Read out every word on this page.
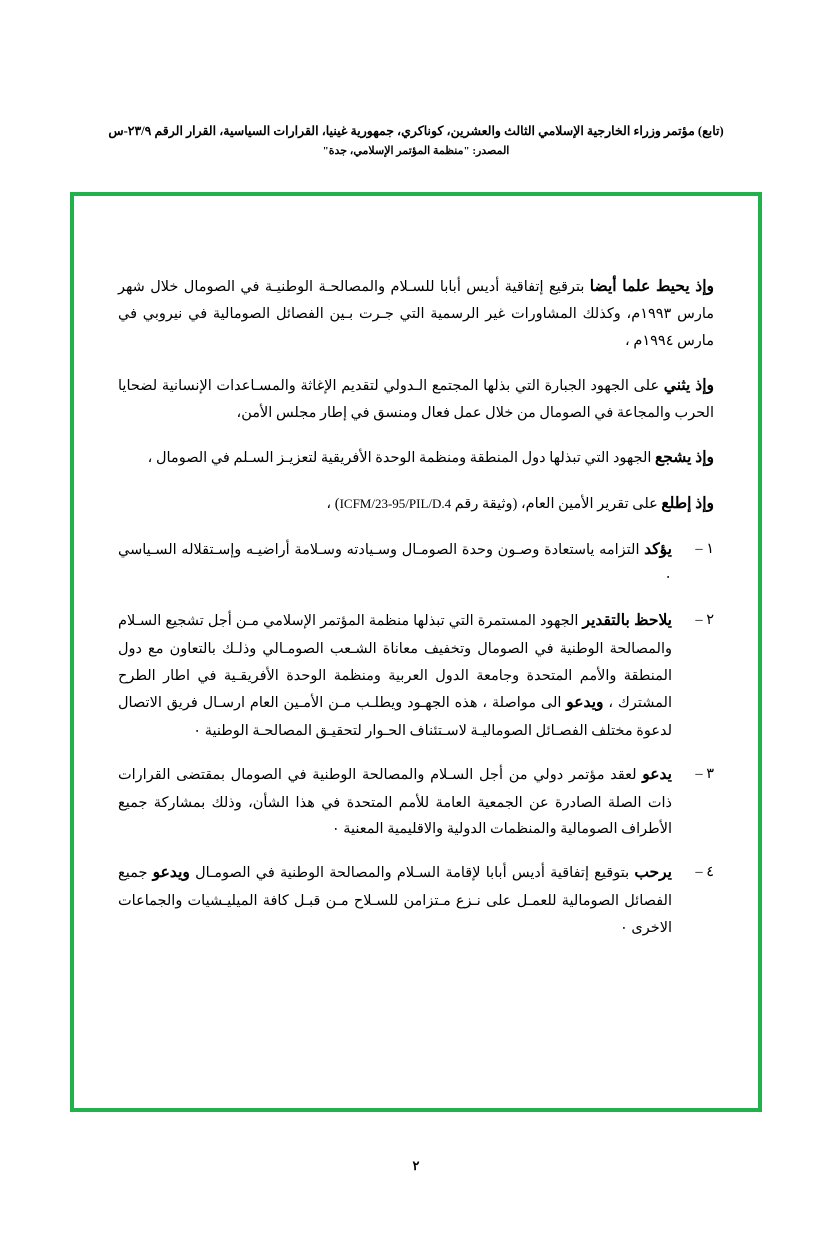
(تابع) مؤتمر وزراء الخارجية الإسلامي الثالث والعشرين، كوناكري، جمهورية غينيا، القرارات السياسية، القرار الرقم ٢٣/٩-س
المصدر: "منظمة المؤتمر الإسلامي، جدة"

وإذ يحيط علما أيضا بترقيع إتفاقية أديس أبابا للسـلام والمصالحـة الوطنيـة في الصومال خلال شهر مارس ١٩٩٣م، وكذلك المشاورات غير الرسمية التي جـرت بـين الفصائل الصومالية في نيروبي في مارس ١٩٩٤م ،

وإذ يثني على الجهود الجبارة التي بذلها المجتمع الـدولي لتقديم الإغاثة والمسـاعدات الإنسانية لضحايا الحرب والمجاعة في الصومال من خلال عمل فعال ومنسق في إطار مجلس الأمن،

وإذ يشجع الجهود التي تبذلها دول المنطقة ومنظمة الوحدة الأفريقية لتعزيـز السـلم في الصومال ،

وإذ إطلع على تقرير الأمين العام، (وثيقة رقم ICFM/23-95/PIL/D.4) ،

١ –
يؤكد التزامه ياستعادة وصـون وحدة الصومـال وسـيادته وسـلامة أراضيـه وإسـتقلاله السـياسي ٠
٢ –
يلاحظ بالتقدير الجهود المستمرة التي تبذلها منظمة المؤتمر الإسلامي مـن أجل تشجيع السـلام والمصالحة الوطنية في الصومال وتخفيف معاناة الشـعب الصومـالي وذلـك بالتعاون مع دول المنطقة والأمم المتحدة وجامعة الدول العربية ومنظمة الوحدة الأفريقـية في اطار الطرح المشترك ، ويدعو الى مواصلة ، هذه الجهـود ويطلـب مـن الأمـين العام ارسـال فريق الاتصال لدعوة مختلف الفصـائل الصوماليـة لاسـتئناف الحـوار لتحقيـق المصالحـة الوطنية ٠
٣ –
يدعو لعقد مؤتمر دولي من أجل السـلام والمصالحة الوطنية في الصومال بمقتضى القرارات ذات الصلة الصادرة عن الجمعية العامة للأمم المتحدة في هذا الشأن، وذلك بمشاركة جميع الأطراف الصومالية والمنظمات الدولية والاقليمية المعنية ٠
٤ –
يرحب بتوقيع إتفاقية أديس أبابا لإقامة السـلام والمصالحة الوطنية في الصومـال ويدعو جميع الفصائل الصومالية للعمـل على نـزع مـتزامن للسـلاح مـن قبـل كافة الميليـشيات والجماعات الاخرى ٠
٢
